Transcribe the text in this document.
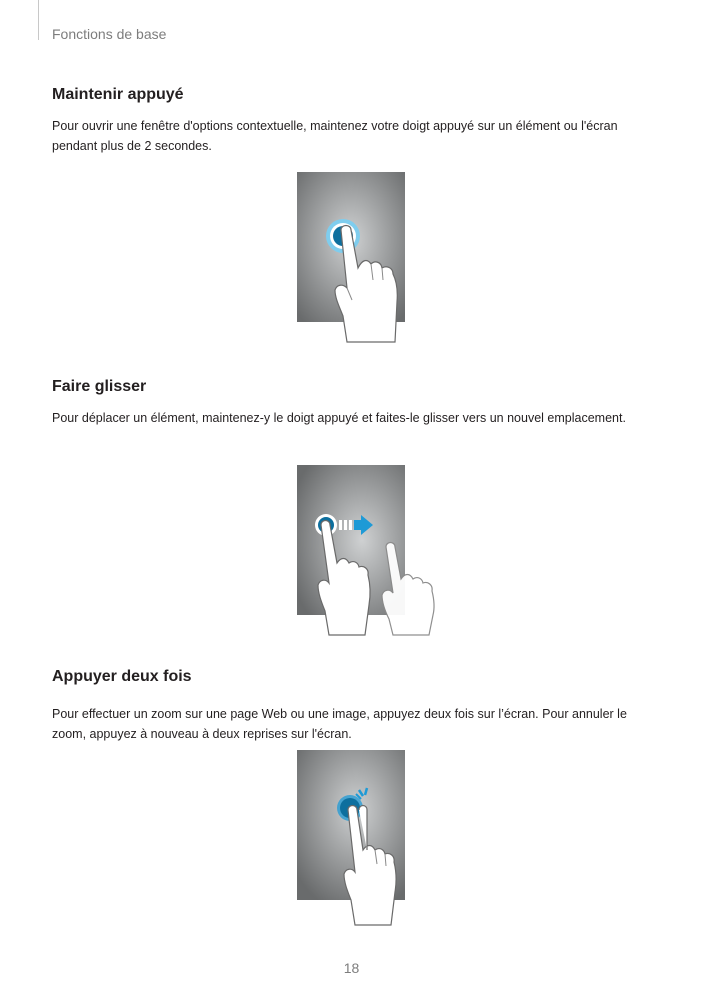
Fonctions de base
Maintenir appuyé

Pour ouvrir une fenêtre d'options contextuelle, maintenez votre doigt appuyé sur un élément ou l'écran pendant plus de 2 secondes.

Faire glisser

Pour déplacer un élément, maintenez-y le doigt appuyé et faites-le glisser vers un nouvel emplacement.

Appuyer deux fois

Pour effectuer un zoom sur une page Web ou une image, appuyez deux fois sur l’écran. Pour annuler le zoom, appuyez à nouveau à deux reprises sur l'écran.

18
